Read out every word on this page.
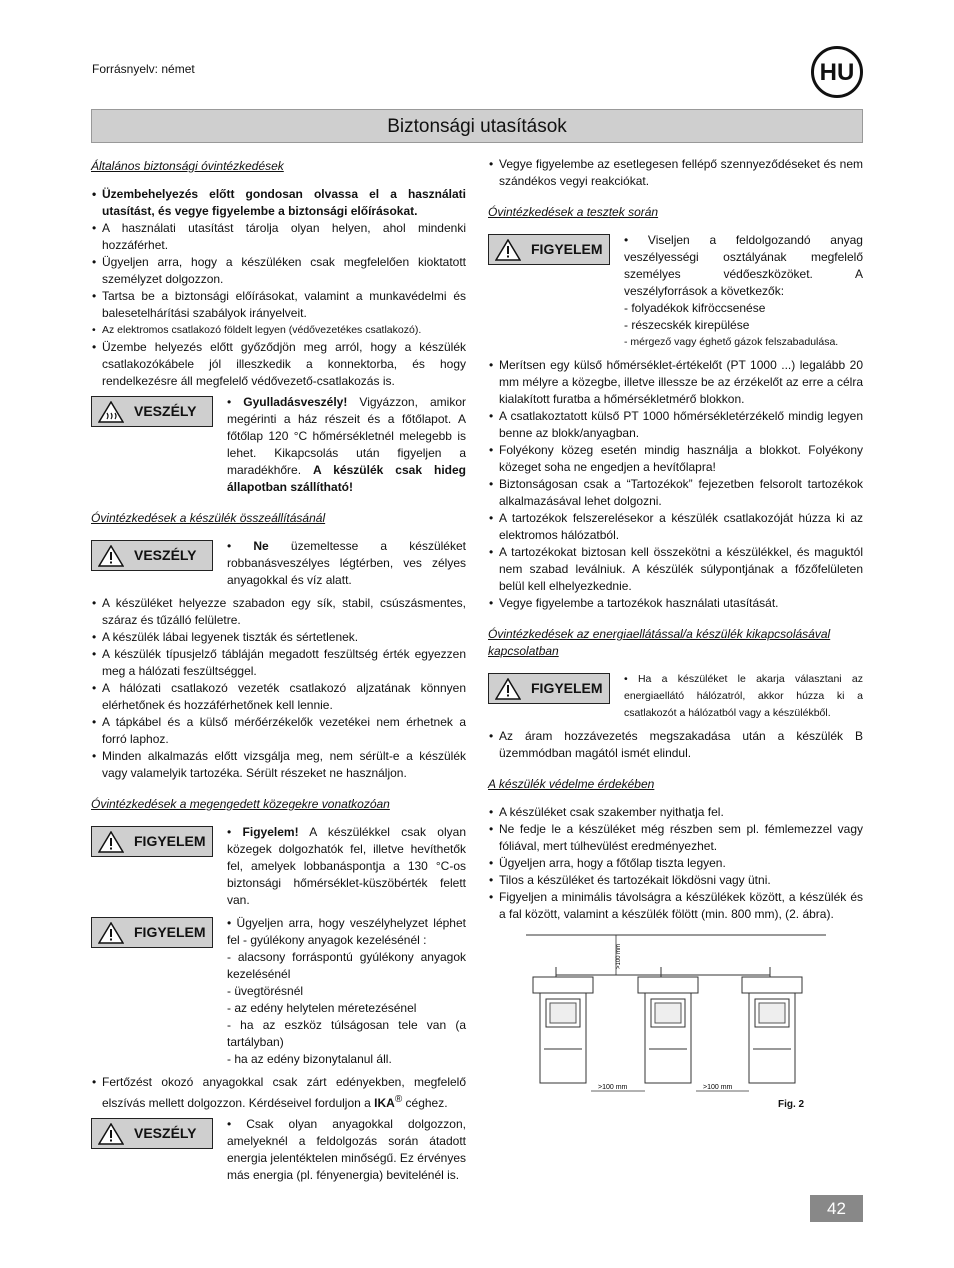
Forrásnyelv: német	HU
Biztonsági utasítások
Általános biztonsági óvintézkedések
• Üzembehelyezés előtt gondosan olvassa el a használati utasítást, és vegye figyelembe a biztonsági előírásokat.
• A használati utasítást tárolja olyan helyen, ahol mindenki hozzáférhet.
• Ügyeljen arra, hogy a készüléken csak megfelelően kioktatott személyzet dolgozzon.
• Tartsa be a biztonsági előírásokat, valamint a munkavédelmi és balesetelhárítási szabályok irányelveit.
• Az elektromos csatlakozó földelt legyen (védővezetékes csatlakozó).
• Üzembe helyezés előtt győződjön meg arról, hogy a készülék csatlakozókábele jól illeszkedik a konnektorba, és hogy rendelkezésre áll megfelelő védővezető-csatlakozás is.
VESZÉLY
• Gyulladásveszély! Vigyázzon, amikor megérinti a ház részeit és a főtőlapot. A főtőlap 120 °C hőmérsékletnél melegebb is lehet. Kikapcsolás után figyeljen a maradékhőre. A készülék csak hideg állapotban szállítható!
Óvintézkedések a készülék összeállításánál
VESZÉLY
• Ne üzemeltesse a készüléket robbanásveszélyes légtérben, ves zélyes anyagokkal és víz alatt.
• A készüléket helyezze szabadon egy sík, stabil, csúszásmentes, száraz és tűzálló felületre.
• A készülék lábai legyenek tiszták és sértetlenek.
• A készülék típusjelző tábláján megadott feszültség érték egyezzen meg a hálózati feszültséggel.
• A hálózati csatlakozó vezeték csatlakozó aljzatának könnyen elérhetőnek és hozzáférhetőnek kell lennie.
• A tápkábel és a külső mérőérzékelők vezetékei nem érhetnek a forró laphoz.
• Minden alkalmazás előtt vizsgálja meg, nem sérült-e a készülék vagy valamelyik tartozéka. Sérült részeket ne használjon.
Óvintézkedések a megengedett közegekre vonatkozóan
FIGYELEM
• Figyelem! A készülékkel csak olyan közegek dolgozhatók fel, illetve hevíthetők fel, amelyek lobbanáspontja a 130 °C-os biztonsági hőmérséklet-küszöbérték felett van.
FIGYELEM
• Ügyeljen arra, hogy veszélyhelyzet léphet fel - gyúlékony anyagok kezelésénél :
- alacsony forráspontú gyúlékony anyagok kezelésénél
- üvegtörésnél
- az edény helytelen méretezésénel
- ha az eszköz túlságosan tele van (a tartályban)
- ha az edény bizonytalanul áll.
• Fertőzést okozó anyagokkal csak zárt edényekben, megfelelő elszívás mellett dolgozzon. Kérdéseivel forduljon a IKA® céghez.
VESZÉLY
• Csak olyan anyagokkal dolgozzon, amelyeknél a feldolgozás során átadott energia jelentéktelen minőségű. Ez érvényes más energia (pl. fényenergia) bevitelénél is.
• Vegye figyelembe az esetlegesen fellépő szennyeződéseket és nem szándékos vegyi reakciókat.
Óvintézkedések a tesztek során
FIGYELEM
• Viseljen a feldolgozandó anyag veszélyességi osztályának megfelelő személyes védőeszközöket. A veszélyforrások a következők:
- folyadékok kifröccsenése
- részecskék kirepülése
- mérgező vagy éghető gázok felszabadulása.
• Merítsen egy külső hőmérséklet-értékelőt (PT 1000 ...) legalább 20 mm mélyre a közegbe, illetve illessze be az érzékelőt az erre a célra kialakított furatba a hőmérsékletmérő blokkon.
• A csatlakoztatott külső PT 1000 hőmérsékletérzékelő mindig legyen benne az blokk/anyagban.
• Folyékony közeg esetén mindig használja a blokkot. Folyékony közeget soha ne engedjen a hevítőlapra!
• Biztonságosan csak a “Tartozékok” fejezetben felsorolt tartozékok alkalmazásával lehet dolgozni.
• A tartozékok felszerelésekor a készülék csatlakozóját húzza ki az elektromos hálózatból.
• A tartozékokat biztosan kell összekötni a készülékkel, és maguktól nem szabad leválniuk. A készülék súlypontjának a főzőfelületen belül kell elhelyezkednie.
• Vegye figyelembe a tartozékok használati utasítását.
Óvintézkedések az energiaellátással/a készülék kikapcsolásával kapcsolatban
FIGYELEM
• Ha a készüléket le akarja választani az energiaellátó hálózatról, akkor húzza ki a csatlakozót a hálózatból vagy a készülékből.
• Az áram hozzávezetés megszakadása után a készülék B üzemmódban magától ismét elindul.
A készülék védelme érdekében
• A készüléket csak szakember nyithatja fel.
• Ne fedje le a készüléket még részben sem pl. fémlemezzel vagy fóliával, mert túlhevülést eredményezhet.
• Ügyeljen arra, hogy a főtőlap tiszta legyen.
• Tilos a készüléket és tartozékait lökdösni vagy ütni.
• Figyeljen a minimális távolságra a készülékek között, a készülék és a fal között, valamint a készülék fölött (min. 800 mm), (2. ábra).
>100 mm
>100 mm	>100 mm
Fig. 2
42
